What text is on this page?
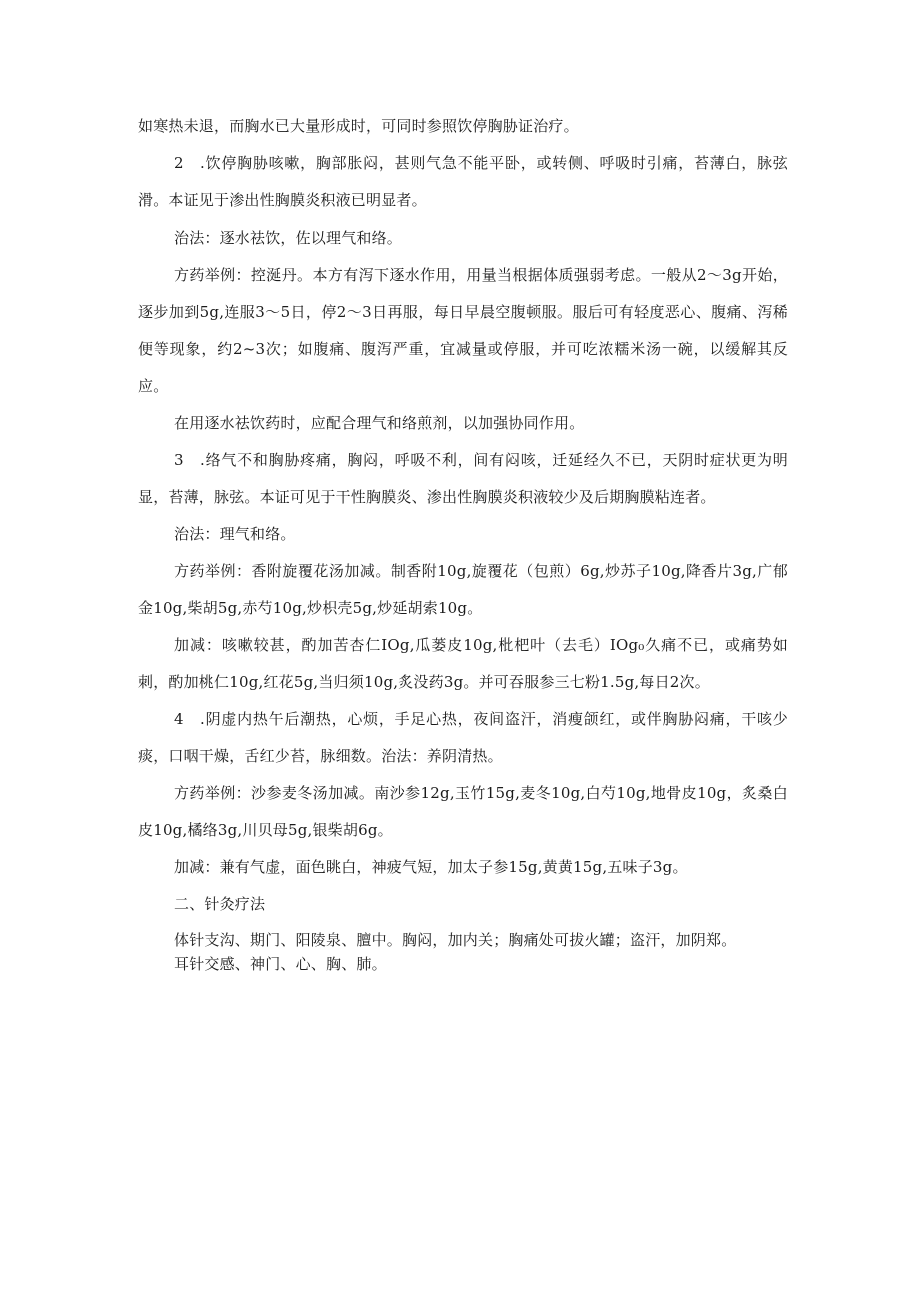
如寒热未退，而胸水已大量形成时，可同时参照饮停胸胁证治疗。

2　.饮停胸胁咳嗽，胸部胀闷，甚则气急不能平卧，或转侧、呼吸时引痛，苔薄白，脉弦滑。本证见于渗出性胸膜炎积液已明显者。

治法：逐水祛饮，佐以理气和络。

方药举例：控涎丹。本方有泻下逐水作用，用量当根据体质强弱考虑。一般从2～3g开始，逐步加到5g,连服3～5日，停2～3日再服，每日早晨空腹顿服。服后可有轻度恶心、腹痛、泻稀便等现象，约2~3次；如腹痛、腹泻严重，宜减量或停服，并可吃浓糯米汤一碗，以缓解其反应。

在用逐水祛饮药时，应配合理气和络煎剂，以加强协同作用。

3　.络气不和胸胁疼痛，胸闷，呼吸不利，间有闷咳，迁延经久不已，天阴时症状更为明显，苔薄，脉弦。本证可见于干性胸膜炎、渗出性胸膜炎积液较少及后期胸膜粘连者。

治法：理气和络。

方药举例：香附旋覆花汤加减。制香附10g,旋覆花（包煎）6g,炒苏子10g,降香片3g,广郁金10g,柴胡5g,赤芍10g,炒枳壳5g,炒延胡索10g。

加减：咳嗽较甚，酌加苦杏仁IOg,瓜蒌皮10g,枇杷叶（去毛）IOg₀久痛不已，或痛势如刺，酌加桃仁10g,红花5g,当归须10g,炙没药3g。并可吞服参三七粉1.5g,每日2次。

4　.阴虚内热午后潮热，心烦，手足心热，夜间盗汗，消瘦颌红，或伴胸胁闷痛，干咳少痰，口咽干燥，舌红少苔，脉细数。治法：养阴清热。

方药举例：沙参麦冬汤加减。南沙参12g,玉竹15g,麦冬10g,白芍10g,地骨皮10g，炙桑白皮10g,橘络3g,川贝母5g,银柴胡6g。

加减：兼有气虚，面色眺白，神疲气短，加太子参15g,黄黄15g,五味子3g。

二、针灸疗法

体针支沟、期门、阳陵泉、膻中。胸闷，加内关；胸痛处可拔火罐；盗汗，加阴郑。

耳针交感、神门、心、胸、肺。
